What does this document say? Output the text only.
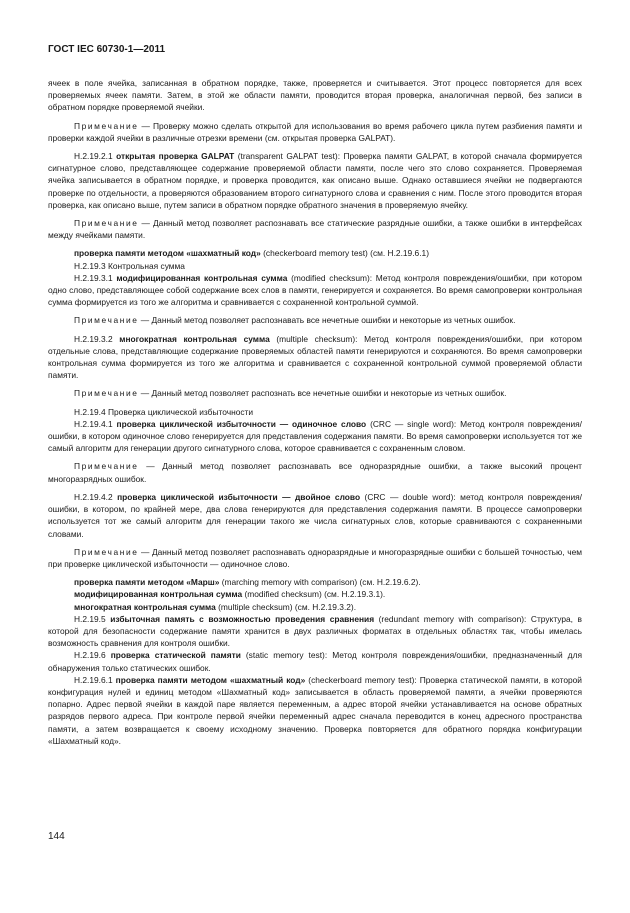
ГОСТ IEC 60730-1—2011

ячеек в поле ячейка, записанная в обратном порядке, также, проверяется и считывается. Этот процесс повторяется для всех проверяемых ячеек памяти. Затем, в этой же области памяти, проводится вторая проверка, аналогичная первой, без записи в обратном порядке проверяемой ячейки.

Примечание — Проверку можно сделать открытой для использования во время рабочего цикла путем разбиения памяти и проверки каждой ячейки в различные отрезки времени (см. открытая проверка GALPAT).

Н.2.19.2.1 открытая проверка GALPAT (transparent GALPAT test): Проверка памяти GALPAT, в которой сначала формируется сигнатурное слово, представляющее содержание проверяемой области памяти, после чего это слово сохраняется. Проверяемая ячейка записывается в обратном порядке, и проверка проводится, как описано выше. Однако оставшиеся ячейки не подвергаются проверке по отдельности, а проверяются образованием второго сигнатурного слова и сравнения с ним. После этого проводится вторая проверка, как описано выше, путем записи в обратном порядке обратного значения в проверяемую ячейку.

Примечание — Данный метод позволяет распознавать все статические разрядные ошибки, а также ошибки в интерфейсах между ячейками памяти.

проверка памяти методом «шахматный код» (checkerboard memory test) (см. Н.2.19.6.1)

Н.2.19.3 Контрольная сумма

Н.2.19.3.1 модифицированная контрольная сумма (modified checksum): Метод контроля повреждения/ошибки, при котором одно слово, представляющее собой содержание всех слов в памяти, генерируется и сохраняется. Во время самопроверки контрольная сумма формируется из того же алгоритма и сравнивается с сохраненной контрольной суммой.

Примечание — Данный метод позволяет распознавать все нечетные ошибки и некоторые из четных ошибок.

Н.2.19.3.2 многократная контрольная сумма (multiple checksum): Метод контроля повреждения/ошибки, при котором отдельные слова, представляющие содержание проверяемых областей памяти генерируются и сохраняются. Во время самопроверки контрольная сумма формируется из того же алгоритма и сравнивается с сохраненной контрольной суммой проверяемой области памяти.

Примечание — Данный метод позволяет распознать все нечетные ошибки и некоторые из четных ошибок.

Н.2.19.4 Проверка циклической избыточности

Н.2.19.4.1 проверка циклической избыточности — одиночное слово (CRC — single word): Метод контроля повреждения/ошибки, в котором одиночное слово генерируется для представления содержания памяти. Во время самопроверки используется тот же самый алгоритм для генерации другого сигнатурного слова, которое сравнивается с сохраненным словом.

Примечание — Данный метод позволяет распознавать все одноразрядные ошибки, а также высокий процент многоразрядных ошибок.

Н.2.19.4.2 проверка циклической избыточности — двойное слово (CRC — double word): метод контроля повреждения/ошибки, в котором, по крайней мере, два слова генерируются для представления содержания памяти. В процессе самопроверки используется тот же самый алгоритм для генерации такого же числа сигнатурных слов, которые сравниваются с сохраненными словами.

Примечание — Данный метод позволяет распознавать одноразрядные и многоразрядные ошибки с большей точностью, чем при проверке циклической избыточности — одиночное слово.

проверка памяти методом «Марш» (marching memory with comparison) (см. Н.2.19.6.2).

модифицированная контрольная сумма (modified checksum) (см. Н.2.19.3.1).

многократная контрольная сумма (multiple checksum) (см. Н.2.19.3.2).

Н.2.19.5 избыточная память с возможностью проведения сравнения (redundant memory with comparison): Структура, в которой для безопасности содержание памяти хранится в двух различных форматах в отдельных областях так, чтобы имелась возможность сравнения для контроля ошибки.

Н.2.19.6 проверка статической памяти (static memory test): Метод контроля повреждения/ошибки, предназначенный для обнаружения только статических ошибок.

Н.2.19.6.1 проверка памяти методом «шахматный код» (checkerboard memory test): Проверка статической памяти, в которой конфигурация нулей и единиц методом «Шахматный код» записывается в область проверяемой памяти, а ячейки проверяются попарно. Адрес первой ячейки в каждой паре является переменным, а адрес второй ячейки устанавливается на основе обратных разрядов первого адреса. При контроле первой ячейки переменный адрес сначала переводится в конец адресного пространства памяти, а затем возвращается к своему исходному значению. Проверка повторяется для обратного порядка конфигурации «Шахматный код».

144
